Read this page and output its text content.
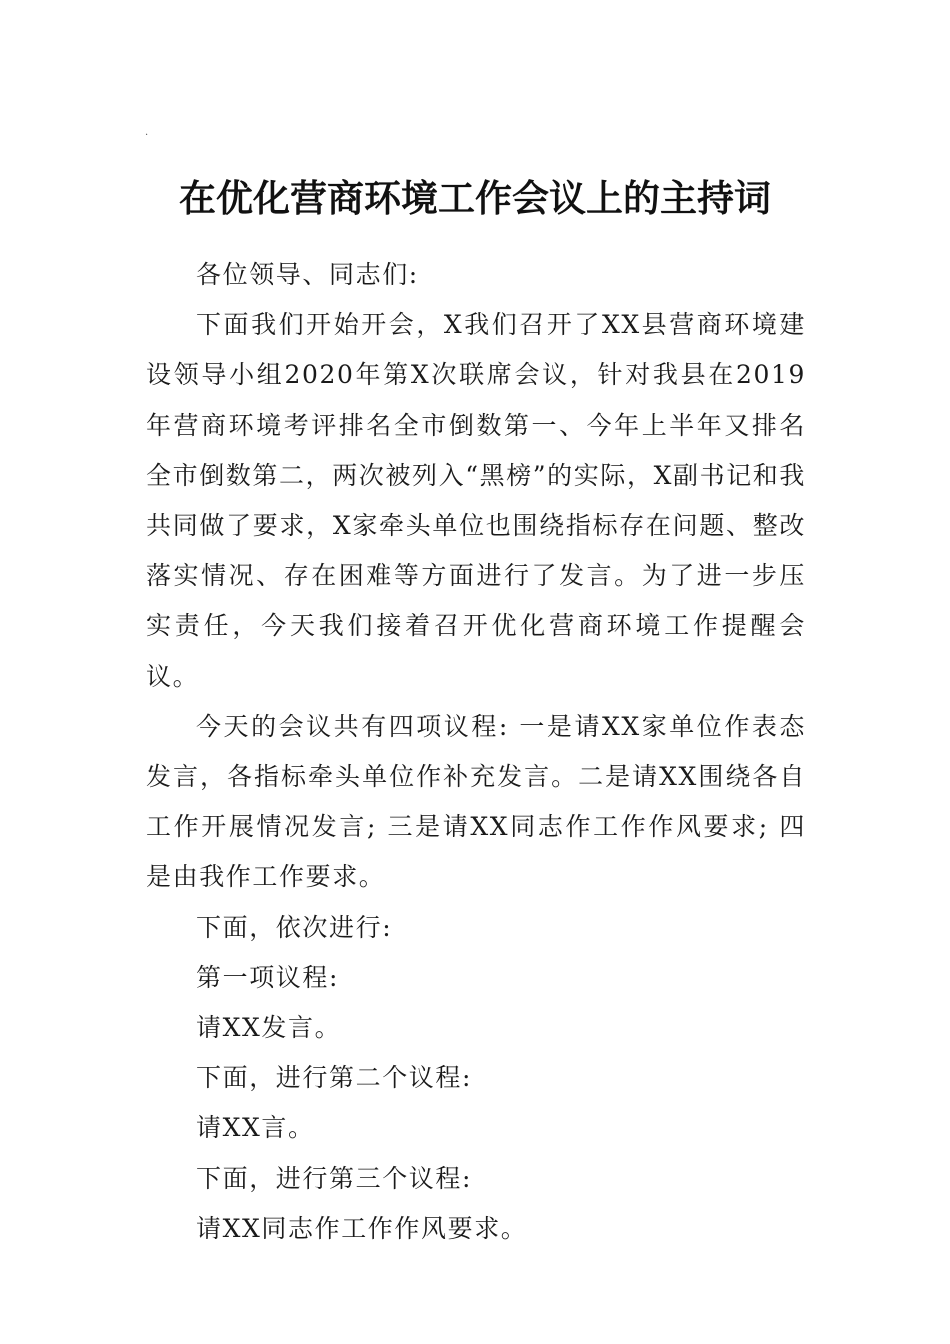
.
在优化营商环境工作会议上的主持词

各位领导、同志们:

下面我们开始开会，X我们召开了XX县营商环境建设领导小组2020年第X次联席会议，针对我县在2019年营商环境考评排名全市倒数第一、今年上半年又排名全市倒数第二，两次被列入“黑榜”的实际，X副书记和我共同做了要求，X家牵头单位也围绕指标存在问题、整改落实情况、存在困难等方面进行了发言。为了进一步压实责任，今天我们接着召开优化营商环境工作提醒会议。

今天的会议共有四项议程: 一是请XX家单位作表态发言，各指标牵头单位作补充发言。二是请XX围绕各自工作开展情况发言; 三是请XX同志作工作作风要求; 四是由我作工作要求。

下面，依次进行:

第一项议程:

请XX发言。

下面，进行第二个议程:

请XX言。

下面，进行第三个议程:

请XX同志作工作作风要求。
